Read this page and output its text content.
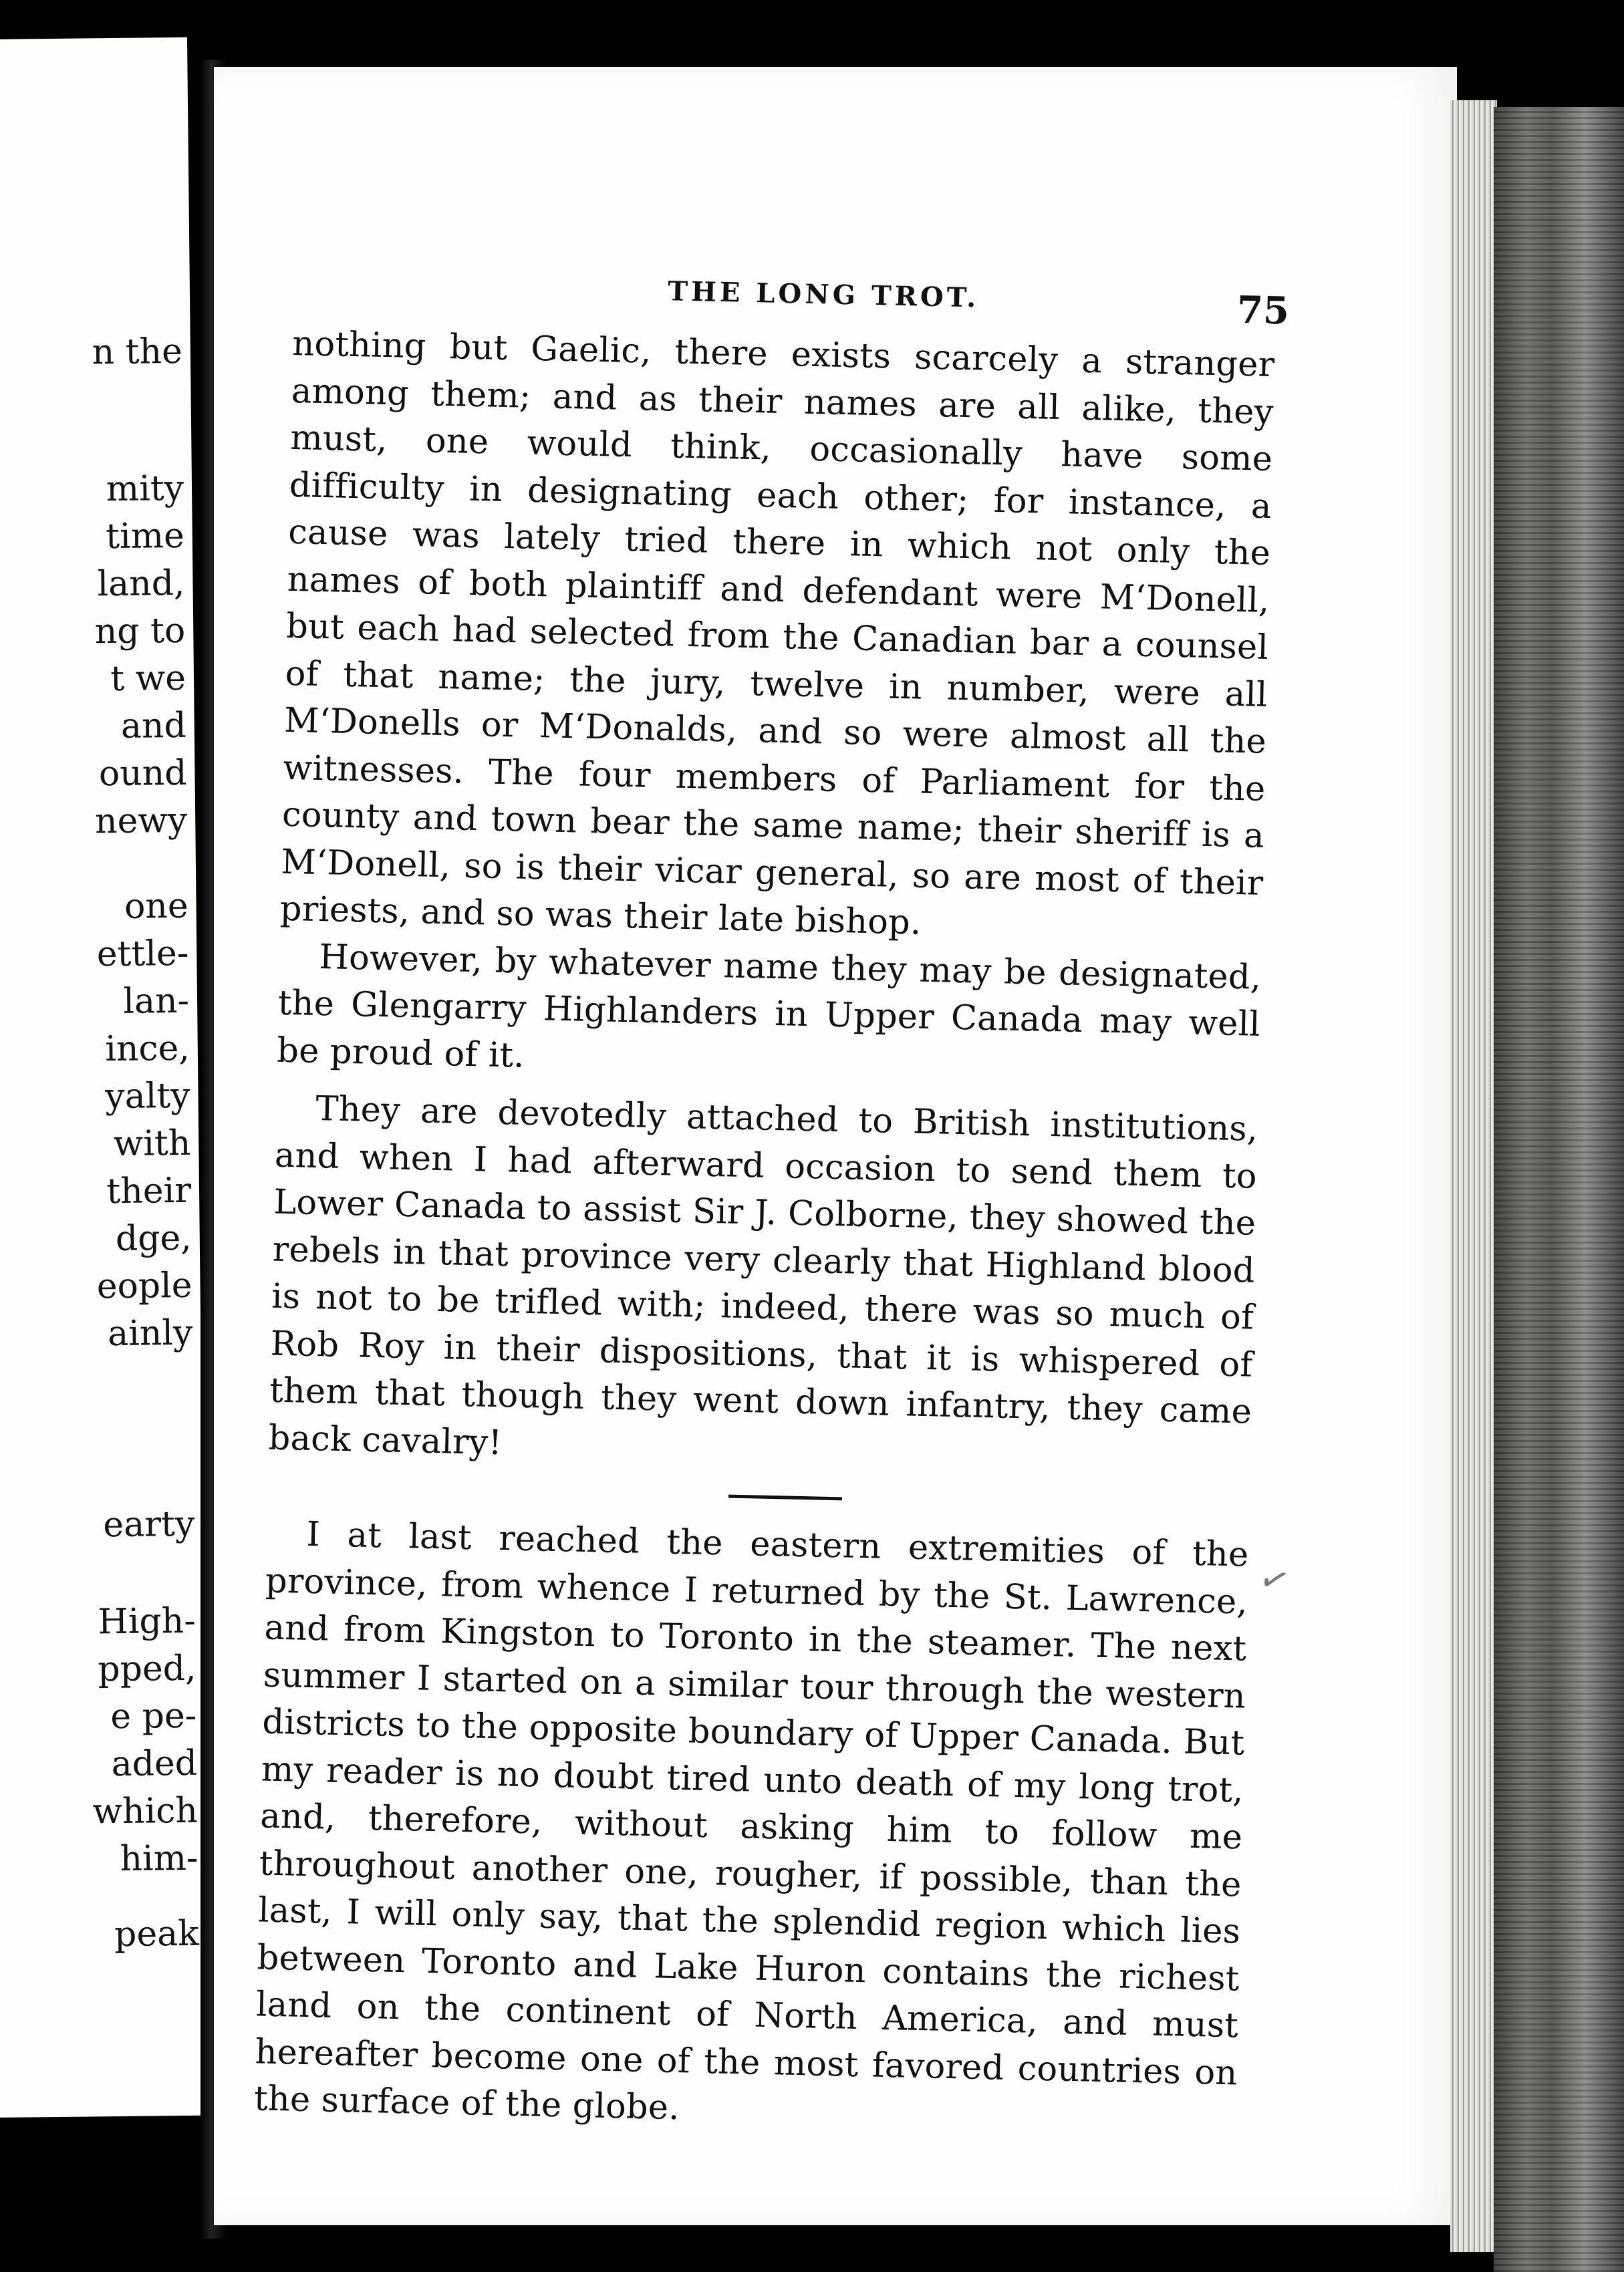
n the
mity
time
land,
ng to
t we
and
ound
newy
one
ettle-
lan-
ince,
yalty
with
their
dge,
eople
ainly
earty
High-
pped,
e pe-
aded
which
him-
peak
THE LONG TROT.	75

nothing but Gaelic, there exists scarcely a stranger among them; and as their names are all alike, they must, one would think, occasionally have some difficulty in designating each other; for instance, a cause was lately tried there in which not only the names of both plaintiff and defendant were M‘Donell, but each had selected from the Canadian bar a counsel of that name; the jury, twelve in number, were all M‘Donells or M‘Donalds, and so were almost all the witnesses. The four members of Parliament for the county and town bear the same name; their sheriff is a M‘Donell, so is their vicar general, so are most of their priests, and so was their late bishop.

However, by whatever name they may be designated, the Glengarry Highlanders in Upper Canada may well be proud of it.

They are devotedly attached to British institutions, and when I had afterward occasion to send them to Lower Canada to assist Sir J. Colborne, they showed the rebels in that province very clearly that Highland blood is not to be trifled with; indeed, there was so much of Rob Roy in their dispositions, that it is whispered of them that though they went down infantry, they came back cavalry!

I at last reached the eastern extremities of the province, from whence I returned by the St. Lawrence, and from Kingston to Toronto in the steamer. The next summer I started on a similar tour through the western districts to the opposite boundary of Upper Canada. But my reader is no doubt tired unto death of my long trot, and, therefore, without asking him to follow me throughout another one, rougher, if possible, than the last, I will only say, that the splendid region which lies between Toronto and Lake Huron contains the richest land on the continent of North America, and must hereafter become one of the most favored countries on the surface of the globe.

✓
